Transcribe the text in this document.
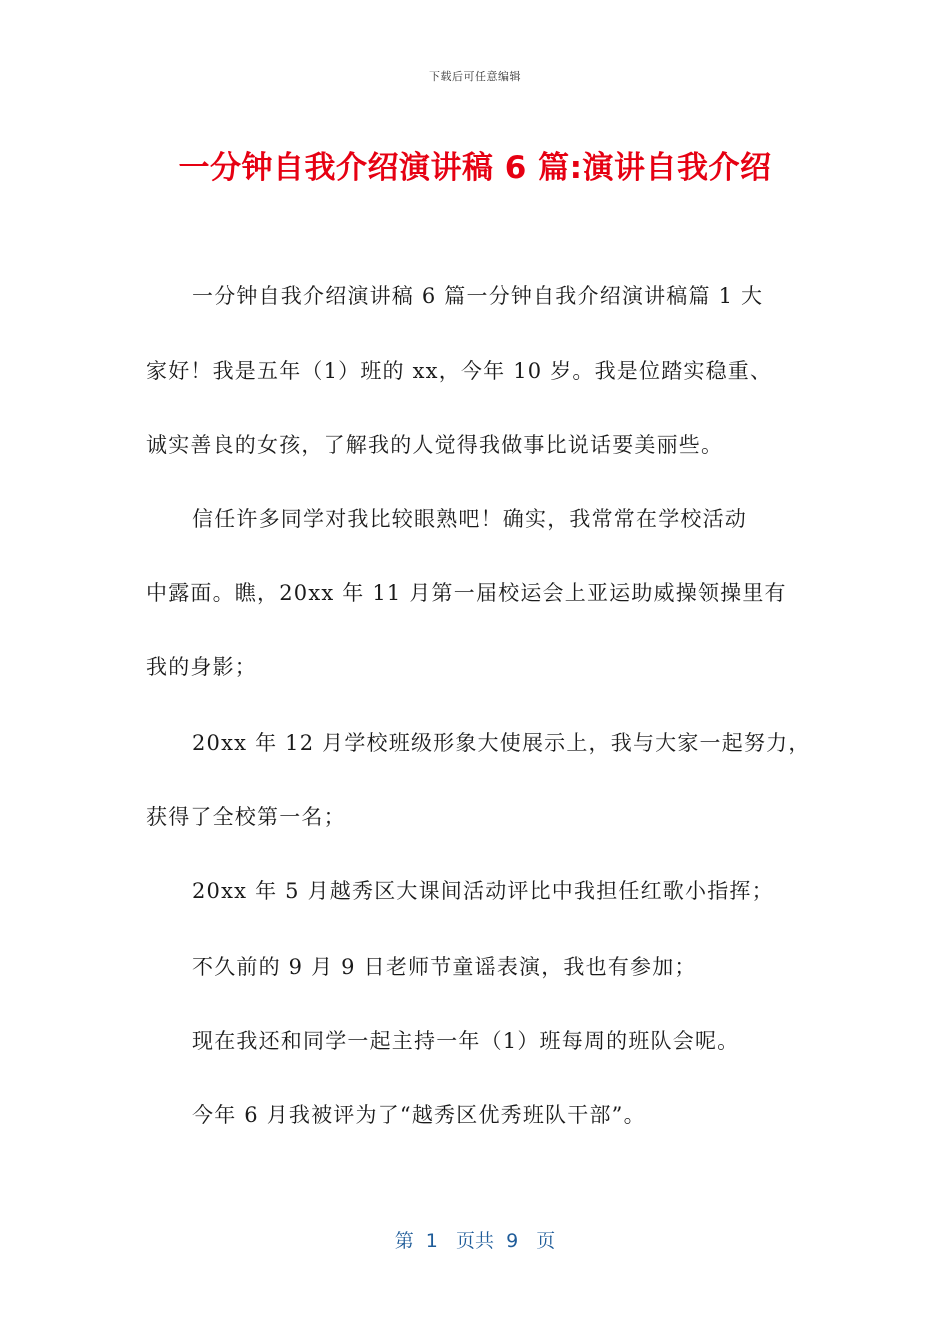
下载后可任意编辑
一分钟自我介绍演讲稿 6 篇:演讲自我介绍
一分钟自我介绍演讲稿 6 篇一分钟自我介绍演讲稿篇 1 大
家好！我是五年（1）班的 xx，今年 10 岁。我是位踏实稳重、
诚实善良的女孩，了解我的人觉得我做事比说话要美丽些。
信任许多同学对我比较眼熟吧！确实，我常常在学校活动
中露面。瞧，20xx 年 11 月第一届校运会上亚运助威操领操里有
我的身影；
20xx 年 12 月学校班级形象大使展示上，我与大家一起努力，
获得了全校第一名；
20xx 年 5 月越秀区大课间活动评比中我担任红歌小指挥；
不久前的 9 月 9 日老师节童谣表演，我也有参加；
现在我还和同学一起主持一年（1）班每周的班队会呢。
今年 6 月我被评为了“越秀区优秀班队干部”。
第  1   页共  9   页
